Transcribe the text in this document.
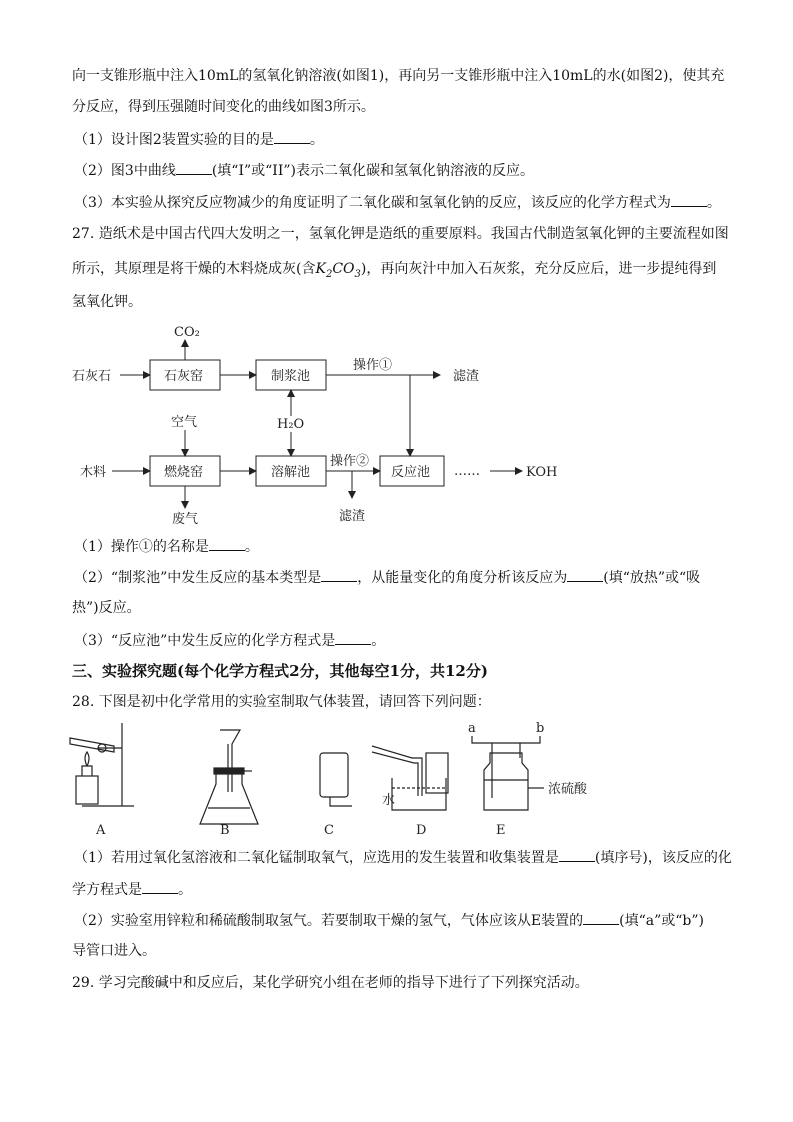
向一支锥形瓶中注入10mL的氢氧化钠溶液(如图1)，再向另一支锥形瓶中注入10mL的水(如图2)，使其充
分反应，得到压强随时间变化的曲线如图3所示。
（1）设计图2装置实验的目的是	。
（2）图3中曲线	(填“I”或“II”)表示二氧化碳和氢氧化钠溶液的反应。
（3）本实验从探究反应物减少的角度证明了二氧化碳和氢氧化钠的反应，该反应的化学方程式为	。
27. 造纸术是中国古代四大发明之一，氢氧化钾是造纸的重要原料。我国古代制造氢氧化钾的主要流程如图
所示，其原理是将干燥的木料烧成灰(含$K_2CO_3$)，再向灰汁中加入石灰浆，充分反应后，进一步提纯得到
氢氧化钾。
CO₂
石灰石	石灰窑	制浆池
操作①
滤渣
H₂O
空气
木料	燃烧窑	溶解池
操作②
反应池 ……	KOH
废气	滤渣
（1）操作①的名称是	。
（2）“制浆池”中发生反应的基本类型是	，从能量变化的角度分析该反应为	(填“放热”或“吸
热”)反应。
（3）“反应池”中发生反应的化学方程式是	。
三、实验探究题(每个化学方程式2分，其他每空1分，共12分)
28. 下图是初中化学常用的实验室制取气体装置，请回答下列问题：
A	B	C	D	E
a	b
水
浓硫酸
（1）若用过氧化氢溶液和二氧化锰制取氧气，应选用的发生装置和收集装置是	(填序号)，该反应的化
学方程式是	。
（2）实验室用锌粒和稀硫酸制取氢气。若要制取干燥的氢气，气体应该从E装置的	(填“a”或“b”)
导管口进入。
29. 学习完酸碱中和反应后，某化学研究小组在老师的指导下进行了下列探究活动。
